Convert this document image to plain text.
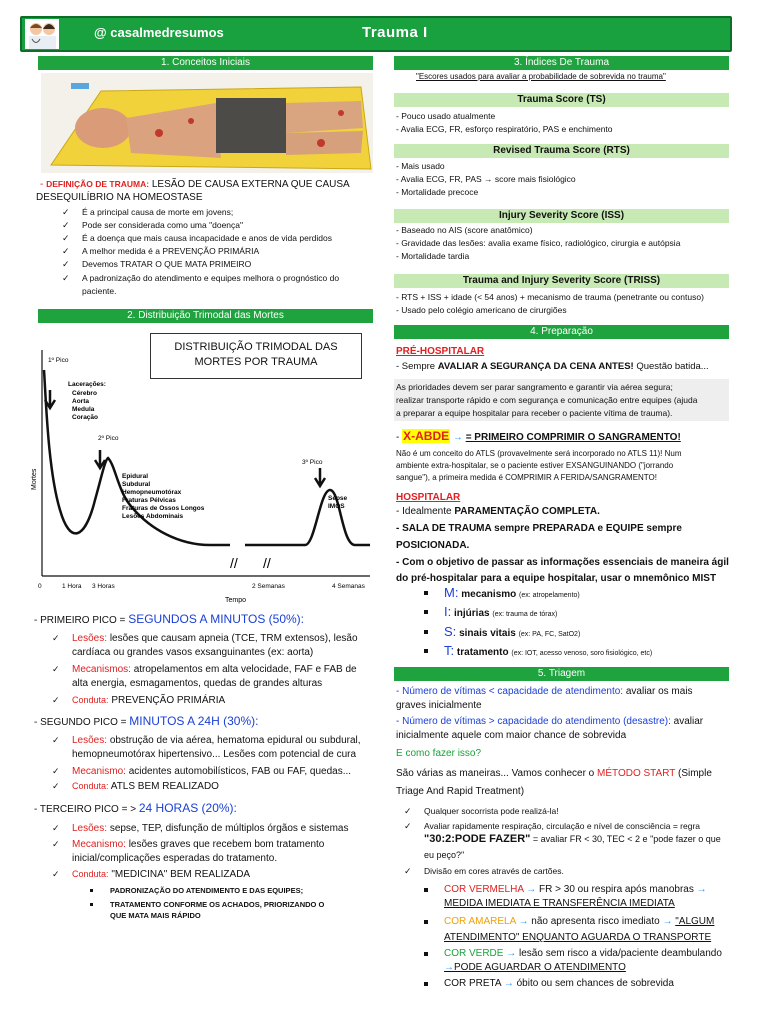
@ casalmedresumos	Trauma I
1. Conceitos Iniciais
- DEFINIÇÃO DE TRAUMA: LESÃO DE CAUSA EXTERNA QUE CAUSA
DESEQUILÍBRIO NA HOMEOSTASE
✓ É a principal causa de morte em jovens;
✓ Pode ser considerada como uma "doença"
✓ É a doença que mais causa incapacidade e anos de vida perdidos
✓ A melhor medida é a PREVENÇÃO PRIMÁRIA
✓ Devemos TRATAR O QUE MATA PRIMEIRO
✓ A padronização do atendimento e equipes melhora o prognóstico do
paciente.
2. Distribuição Trimodal das Mortes
DISTRIBUIÇÃO TRIMODAL DAS
MORTES POR TRAUMA
// //
Mortes
Tempo
1º Pico
2º Pico
3º Pico
Lacerações:
Cérebro
Aorta
Medula
Coração
Epidural
Subdural
Hemopneumotórax
Fraturas Pélvicas
Fraturas de Ossos Longos
Lesões Abdominais
Sepse
IMOS
0	1 Hora 3 Horas	2 Semanas	4 Semanas
- PRIMEIRO PICO = SEGUNDOS A MINUTOS (50%):
✓ Lesões: lesões que causam apneia (TCE, TRM extensos), lesão
cardíaca ou grandes vasos exsanguinantes (ex: aorta)
✓ Mecanismos: atropelamentos em alta velocidade, FAF e FAB de
alta energia, esmagamentos, quedas de grandes alturas
✓ Conduta: PREVENÇÃO PRIMÁRIA
- SEGUNDO PICO = MINUTOS A 24H (30%):
✓ Lesões: obstrução de via aérea, hematoma epidural ou subdural,
hemopneumotórax hipertensivo... Lesões com potencial de cura
✓ Mecanismo: acidentes automobilísticos, FAB ou FAF, quedas...
✓ Conduta: ATLS BEM REALIZADO
- TERCEIRO PICO = > 24 HORAS (20%):
✓ Lesões: sepse, TEP, disfunção de múltiplos órgãos e sistemas
✓ Mecanismo: lesões graves que recebem bom tratamento
inicial/complicações esperadas do tratamento.
✓ Conduta: "MEDICINA" BEM REALIZADA
PADRONIZAÇÃO DO ATENDIMENTO E DAS EQUIPES;
TRATAMENTO CONFORME OS ACHADOS, PRIORIZANDO O
QUE MATA MAIS RÁPIDO
3. Índices De Trauma
"Escores usados para avaliar a probabilidade de sobrevida no trauma"
Trauma Score (TS)
- Pouco usado atualmente
- Avalia ECG, FR, esforço respiratório, PAS e enchimento
Revised Trauma Score (RTS)
- Mais usado
- Avalia ECG, FR, PAS → score mais fisiológico
- Mortalidade precoce
Injury Severity Score (ISS)
- Baseado no AIS (score anatômico)
- Gravidade das lesões: avalia exame físico, radiológico, cirurgia e autópsia
- Mortalidade tardia
Trauma and Injury Severity Score (TRISS)
- RTS + ISS + idade (< 54 anos) + mecanismo de trauma (penetrante ou contuso)
- Usado pelo colégio americano de cirurgiões
4. Preparação
PRÉ-HOSPITALAR
- Sempre AVALIAR A SEGURANÇA DA CENA ANTES! Questão batida...
As prioridades devem ser parar sangramento e garantir via aérea segura;
realizar transporte rápido e com segurança e comunicação entre equipes (ajuda
a preparar a equipe hospitalar para receber o paciente vítima de trauma).
- X-ABDE → = PRIMEIRO COMPRIMIR O SANGRAMENTO!
Não é um conceito do ATLS (provavelmente será incorporado no ATLS 11)! Num
ambiente extra-hospitalar, se o paciente estiver EXSANGUINANDO ("jorrando
sangue"), a primeira medida é COMPRIMIR A FERIDA/SANGRAMENTO!
HOSPITALAR
- Idealmente PARAMENTAÇÃO COMPLETA.
- SALA DE TRAUMA sempre PREPARADA e EQUIPE sempre
POSICIONADA.
- Com o objetivo de passar as informações essenciais de maneira ágil
do pré-hospitalar para a equipe hospitalar, usar o mnemônico MIST
M: mecanismo (ex: atropelamento)
I: injúrias (ex: trauma de tórax)
S: sinais vitais (ex: PA, FC, SatO2)
T: tratamento (ex: IOT, acesso venoso, soro fisiológico, etc)
5. Triagem
- Número de vítimas < capacidade de atendimento: avaliar os mais
graves inicialmente
- Número de vítimas > capacidade do atendimento (desastre): avaliar
inicialmente aquele com maior chance de sobrevida
E como fazer isso?
São várias as maneiras... Vamos conhecer o MÉTODO START (Simple
Triage And Rapid Treatment)
✓ Qualquer socorrista pode realizá-la!
✓ Avaliar rapidamente respiração, circulação e nível de consciência = regra
"30:2:PODE FAZER" = avaliar FR < 30, TEC < 2 e "pode fazer o que
eu peço?"
✓ Divisão em cores através de cartões.
COR VERMELHA → FR > 30 ou respira após manobras →
MEDIDA IMEDIATA E TRANSFERÊNCIA IMEDIATA
COR AMARELA → não apresenta risco imediato → "ALGUM
ATENDIMENTO" ENQUANTO AGUARDA O TRANSPORTE
COR VERDE → lesão sem risco a vida/paciente deambulando
→PODE AGUARDAR O ATENDIMENTO
COR PRETA → óbito ou sem chances de sobrevida
